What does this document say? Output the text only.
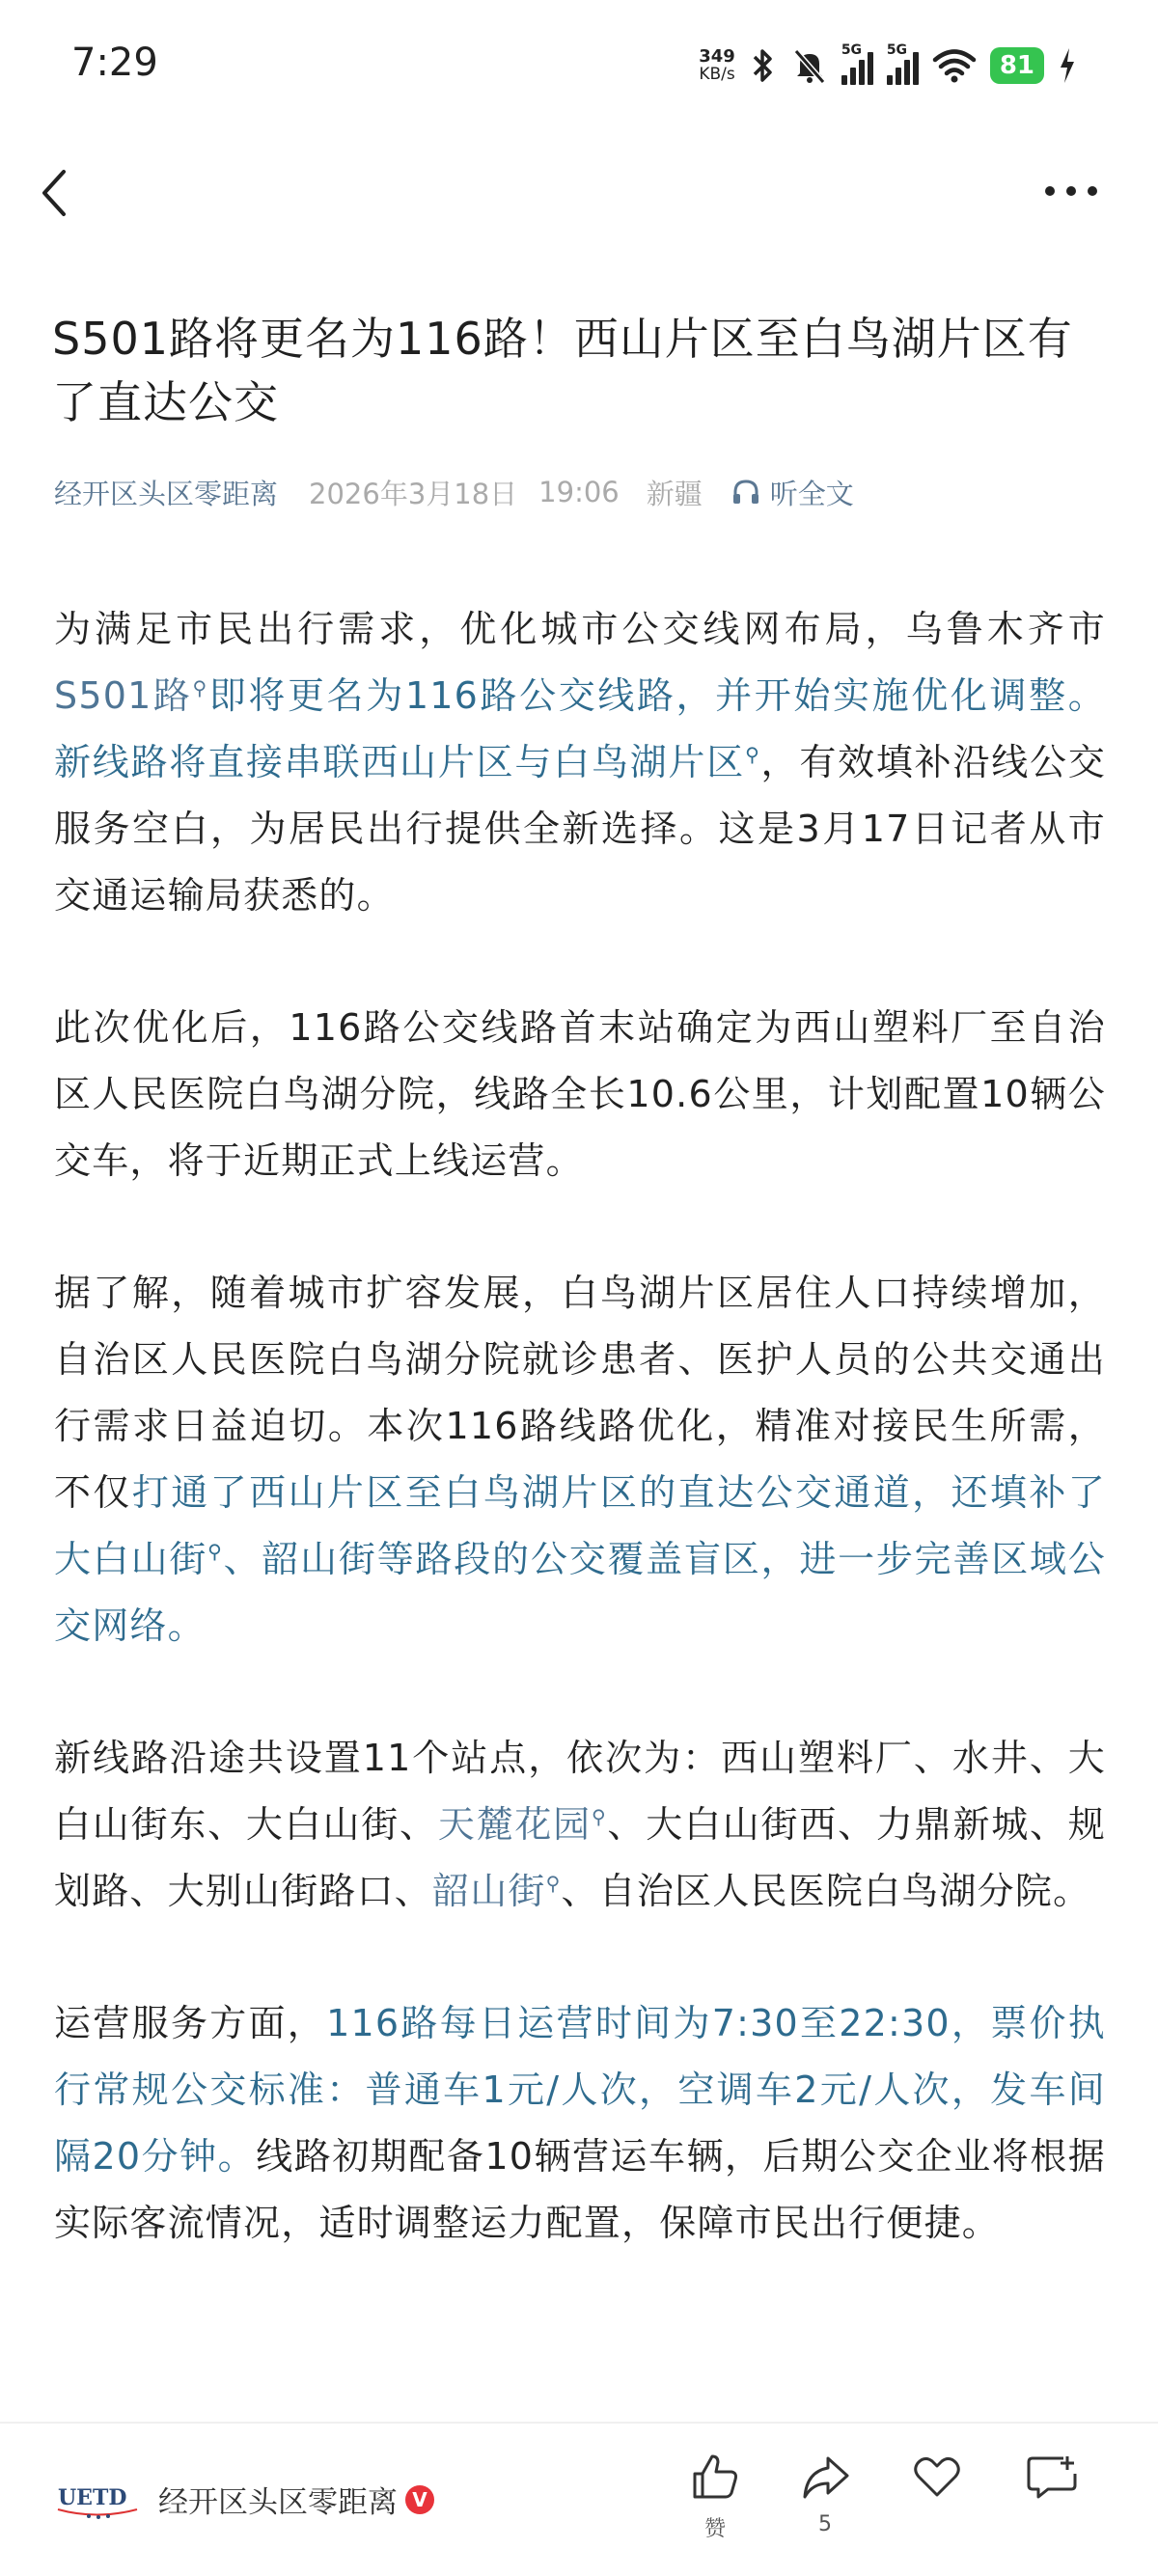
7:29	349
KB/s
5G 5G
81
S501路将更名为116路！西山片区至白鸟湖片区有了直达公交
经开区头区零距离 2026年3月18日 19:06 新疆 听全文

为满足市民出行需求，优化城市公交线网布局，乌鲁木齐市S501路⚲即将更名为116路公交线路，并开始实施优化调整。新线路将直接串联西山片区与白鸟湖片区⚲，有效填补沿线公交服务空白，为居民出行提供全新选择。这是3月17日记者从市交通运输局获悉的。

此次优化后，116路公交线路首末站确定为西山塑料厂至自治区人民医院白鸟湖分院，线路全长10.6公里，计划配置10辆公交车，将于近期正式上线运营。

据了解，随着城市扩容发展，白鸟湖片区居住人口持续增加，自治区人民医院白鸟湖分院就诊患者、医护人员的公共交通出行需求日益迫切。本次116路线路优化，精准对接民生所需，不仅打通了西山片区至白鸟湖片区的直达公交通道，还填补了大白山街⚲、韶山街等路段的公交覆盖盲区，进一步完善区域公交网络。

新线路沿途共设置11个站点，依次为：西山塑料厂、水井、大白山街东、大白山街、天麓花园⚲、大白山街西、力鼎新城、规划路、大别山街路口、韶山街⚲、自治区人民医院白鸟湖分院。

运营服务方面，116路每日运营时间为7:30至22:30，票价执行常规公交标准：普通车1元/人次，空调车2元/人次，发车间隔20分钟。线路初期配备10辆营运车辆，后期公交企业将根据实际客流情况，适时调整运力配置，保障市民出行便捷。

UETD 经开区头区零距离 V
赞	5
